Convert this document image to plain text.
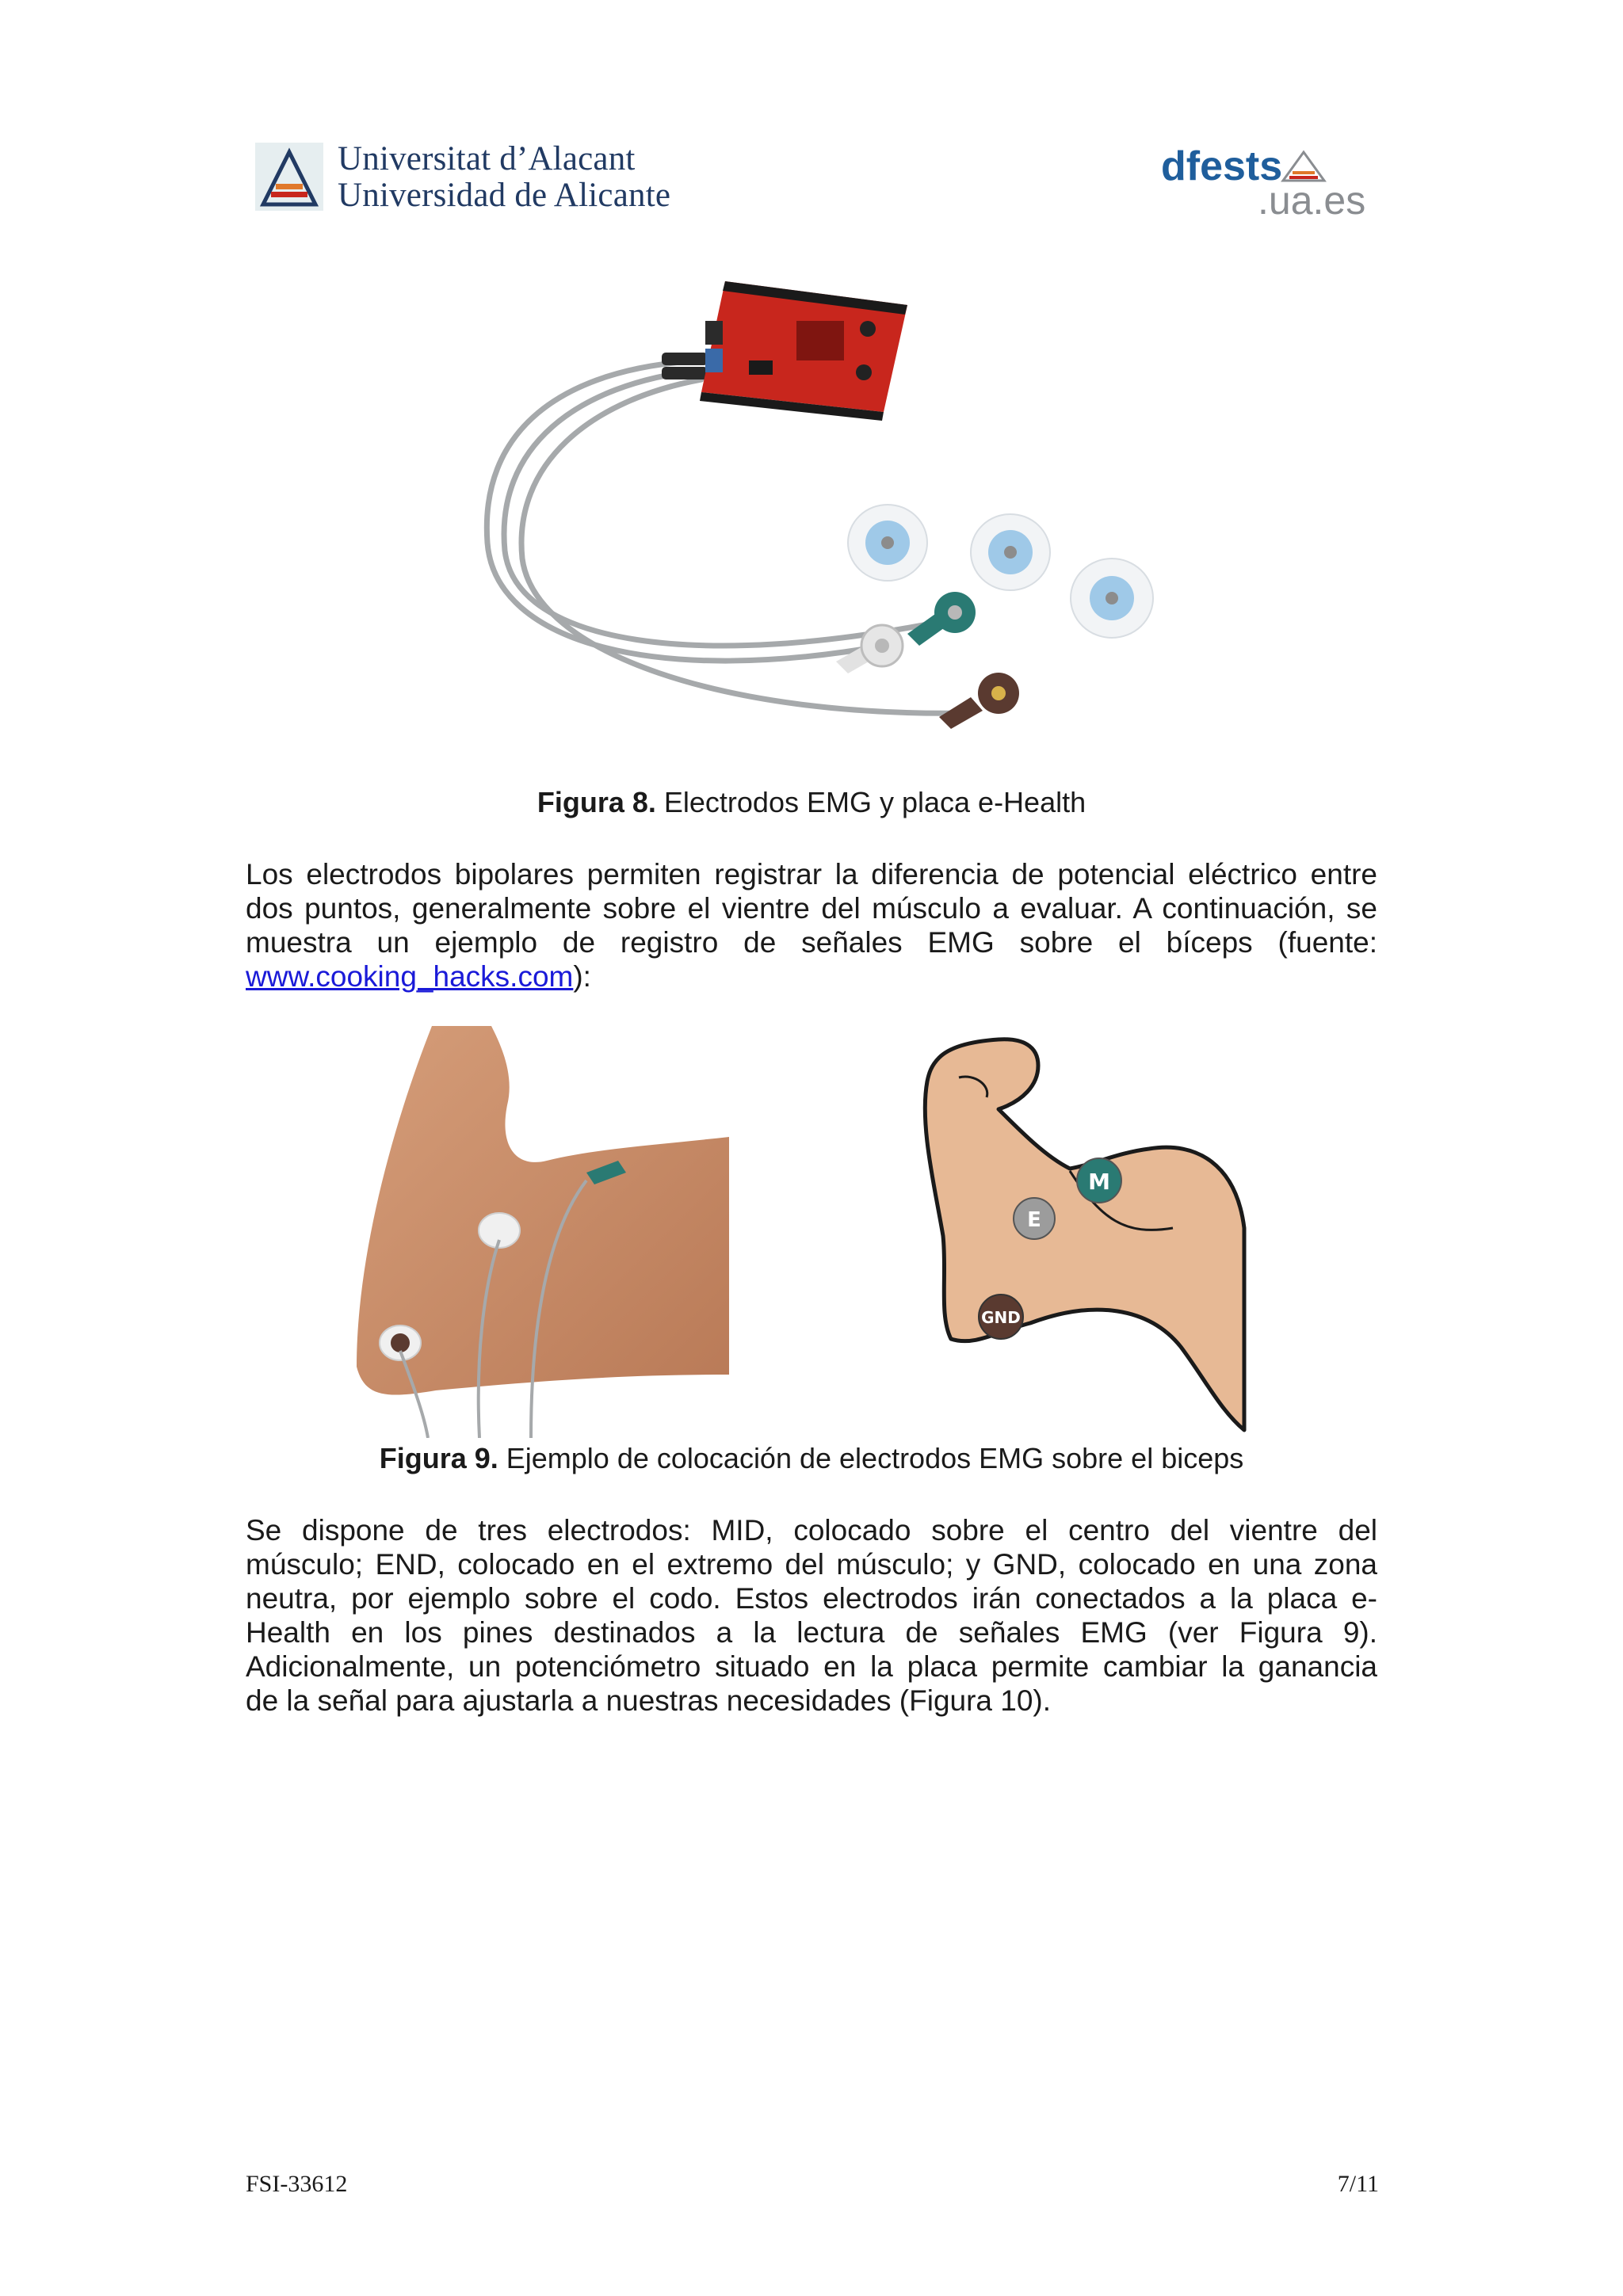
Universitat d’Alacant
Universidad de Alicante
dfests
.ua.es
Figura 8. Electrodos EMG y placa e-Health
Los electrodos bipolares permiten registrar la diferencia de potencial eléctrico entre
dos puntos, generalmente sobre el vientre del músculo a evaluar. A continuación, se
muestra un ejemplo de registro de señales EMG sobre el bíceps (fuente:
www.cooking_hacks.com):
M
E
GND
Figura 9. Ejemplo de colocación de electrodos EMG sobre el biceps
Se dispone de tres electrodos: MID, colocado sobre el centro del vientre del
músculo; END, colocado en el extremo del músculo; y GND, colocado en una zona
neutra, por ejemplo sobre el codo. Estos electrodos irán conectados a la placa e-
Health en los pines destinados a la lectura de señales EMG (ver Figura 9).
Adicionalmente, un potenciómetro situado en la placa permite cambiar la ganancia
de la señal para ajustarla a nuestras necesidades (Figura 10).
FSI-33612	7/11
